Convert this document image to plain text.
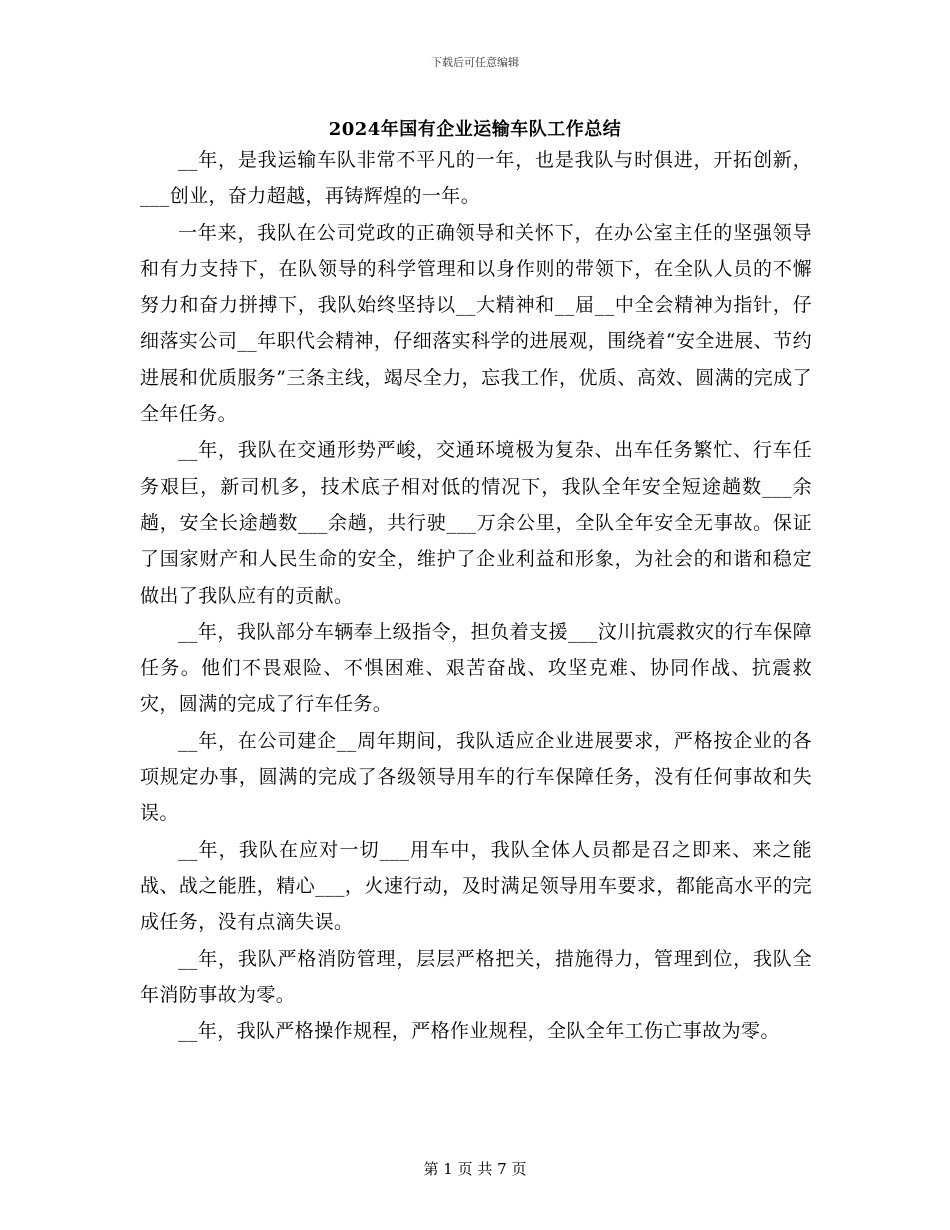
下载后可任意编辑
2024年国有企业运输车队工作总结

__年，是我运输车队非常不平凡的一年，也是我队与时俱进，开拓创新，___创业，奋力超越，再铸辉煌的一年。

一年来，我队在公司党政的正确领导和关怀下，在办公室主任的坚强领导和有力支持下，在队领导的科学管理和以身作则的带领下，在全队人员的不懈努力和奋力拼搏下，我队始终坚持以__大精神和__届__中全会精神为指针，仔细落实公司__年职代会精神，仔细落实科学的进展观，围绕着“安全进展、节约进展和优质服务”三条主线，竭尽全力，忘我工作，优质、高效、圆满的完成了全年任务。

__年，我队在交通形势严峻，交通环境极为复杂、出车任务繁忙、行车任务艰巨，新司机多，技术底子相对低的情况下，我队全年安全短途趟数___余趟，安全长途趟数___余趟，共行驶___万余公里，全队全年安全无事故。保证了国家财产和人民生命的安全，维护了企业利益和形象，为社会的和谐和稳定做出了我队应有的贡献。

__年，我队部分车辆奉上级指令，担负着支援___汶川抗震救灾的行车保障任务。他们不畏艰险、不惧困难、艰苦奋战、攻坚克难、协同作战、抗震救灾，圆满的完成了行车任务。

__年，在公司建企__周年期间，我队适应企业进展要求，严格按企业的各项规定办事，圆满的完成了各级领导用车的行车保障任务，没有任何事故和失误。

__年，我队在应对一切___用车中，我队全体人员都是召之即来、来之能战、战之能胜，精心___，火速行动，及时满足领导用车要求，都能高水平的完成任务，没有点滴失误。

__年，我队严格消防管理，层层严格把关，措施得力，管理到位，我队全年消防事故为零。

__年，我队严格操作规程，严格作业规程，全队全年工伤亡事故为零。

第 1 页 共 7 页
